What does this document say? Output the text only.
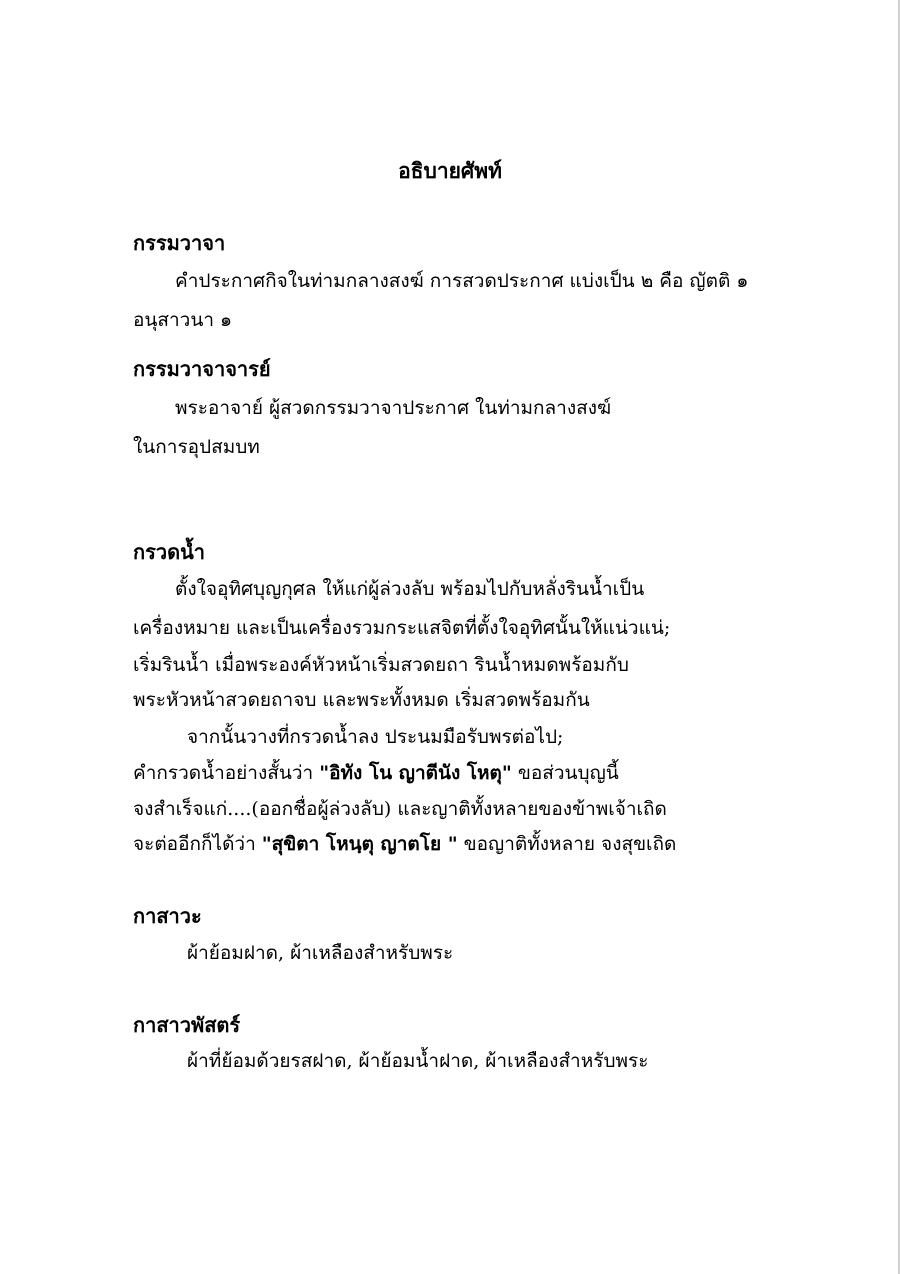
อธิบายศัพท์
กรรมวาจา
คำประกาศกิจในท่ามกลางสงฆ์ การสวดประกาศ แบ่งเป็น ๒ คือ ญัตติ ๑
อนุสาวนา ๑
กรรมวาจาจารย์
พระอาจาย์ ผู้สวดกรรมวาจาประกาศ ในท่ามกลางสงฆ์
ในการอุปสมบท
กรวดน้ำ
ตั้งใจอุทิศบุญกุศล ให้แก่ผู้ล่วงลับ พร้อมไปกับหลั่งรินน้ำเป็น
เครื่องหมาย และเป็นเครื่องรวมกระแสจิตที่ตั้งใจอุทิศนั้นให้แน่วแน่;
เริ่มรินน้ำ เมื่อพระองค์หัวหน้าเริ่มสวดยถา รินน้ำหมดพร้อมกับ
พระหัวหน้าสวดยถาจบ และพระทั้งหมด เริ่มสวดพร้อมกัน
จากนั้นวางที่กรวดน้ำลง ประนมมือรับพรต่อไป;
คำกรวดน้ำอย่างสั้นว่า "อิทัง โน ญาตีนัง โหตุ" ขอส่วนบุญนี้
จงสำเร็จแก่....(ออกชื่อผู้ล่วงลับ) และญาติทั้งหลายของข้าพเจ้าเถิด
จะต่ออีกก็ได้ว่า "สุขิตา โหนฺตุ ญาตโย " ขอญาติทั้งหลาย จงสุขเถิด
กาสาวะ
ผ้าย้อมฝาด, ผ้าเหลืองสำหรับพระ
กาสาวพัสตร์
ผ้าที่ย้อมด้วยรสฝาด, ผ้าย้อมน้ำฝาด, ผ้าเหลืองสำหรับพระ
